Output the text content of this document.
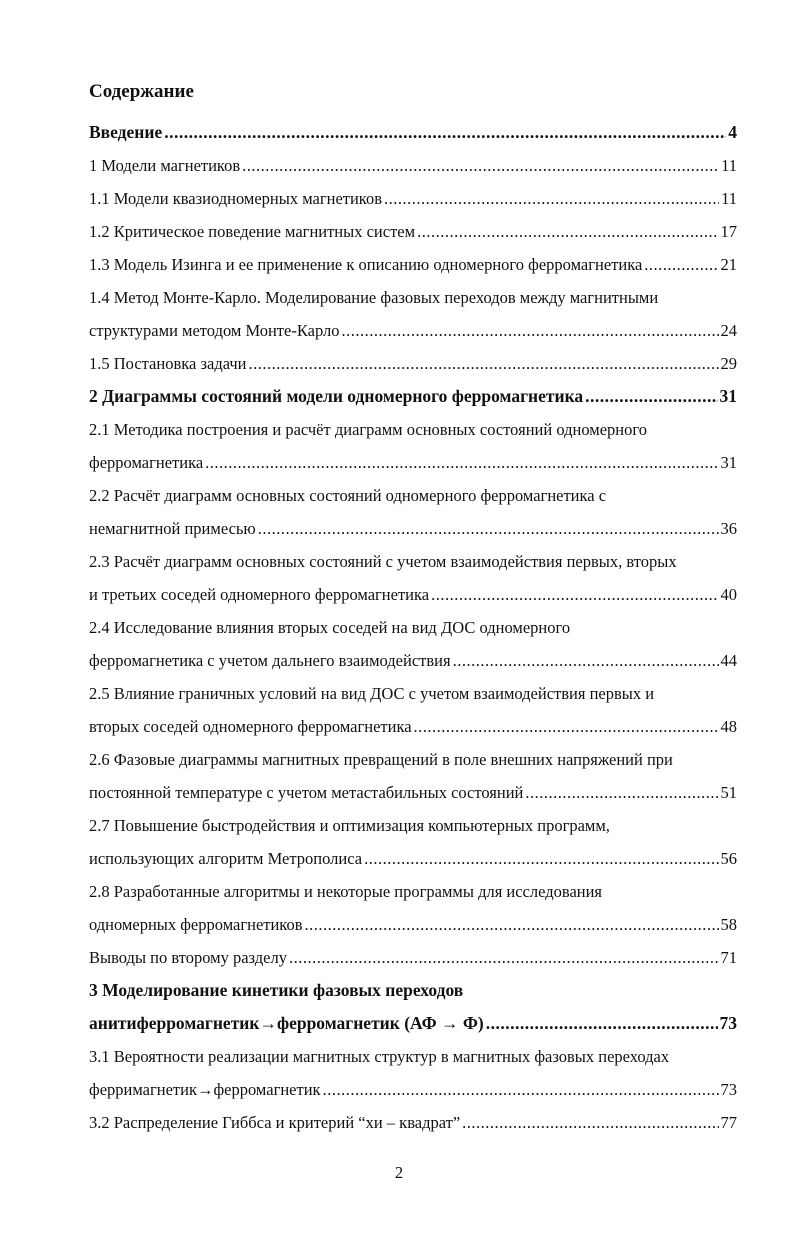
Содержание
Введение .....	4
1 Модели магнетиков .....	11
1.1 Модели квазиодномерных магнетиков .....	11
1.2 Критическое поведение магнитных систем .....	17
1.3 Модель Изинга и ее применение к описанию одномерного ферромагнетика .....	21
1.4 Метод Монте-Карло. Моделирование фазовых переходов между магнитными
структурами методом Монте-Карло .....	24
1.5 Постановка задачи .....	29
2 Диаграммы состояний модели одномерного ферромагнетика .....	31
2.1 Методика построения и расчёт диаграмм основных состояний одномерного
ферромагнетика .....	31
2.2 Расчёт диаграмм основных состояний одномерного ферромагнетика с
немагнитной примесью .....	36
2.3 Расчёт диаграмм основных состояний с учетом взаимодействия первых, вторых
и третьих соседей одномерного ферромагнетика .....	40
2.4 Исследование влияния вторых соседей на вид ДОС одномерного
ферромагнетика с учетом дальнего взаимодействия .....	44
2.5 Влияние граничных условий на вид ДОС с учетом взаимодействия первых и
вторых соседей одномерного ферромагнетика .....	48
2.6 Фазовые диаграммы магнитных превращений в поле внешних напряжений при
постоянной температуре с учетом метастабильных состояний .....	51
2.7 Повышение быстродействия и оптимизация компьютерных программ,
использующих алгоритм Метрополиса .....	56
2.8 Разработанные алгоритмы и некоторые программы для исследования
одномерных ферромагнетиков .....	58
Выводы по второму разделу .....	71
3 Моделирование кинетики фазовых переходов
анитиферромагнетик→ферромагнетик (АФ → Ф) .....	73
3.1 Вероятности реализации магнитных структур в магнитных фазовых переходах
ферримагнетик→ферромагнетик .....	73
3.2 Распределение Гиббса и критерий “хи – квадрат” .....	77
2
